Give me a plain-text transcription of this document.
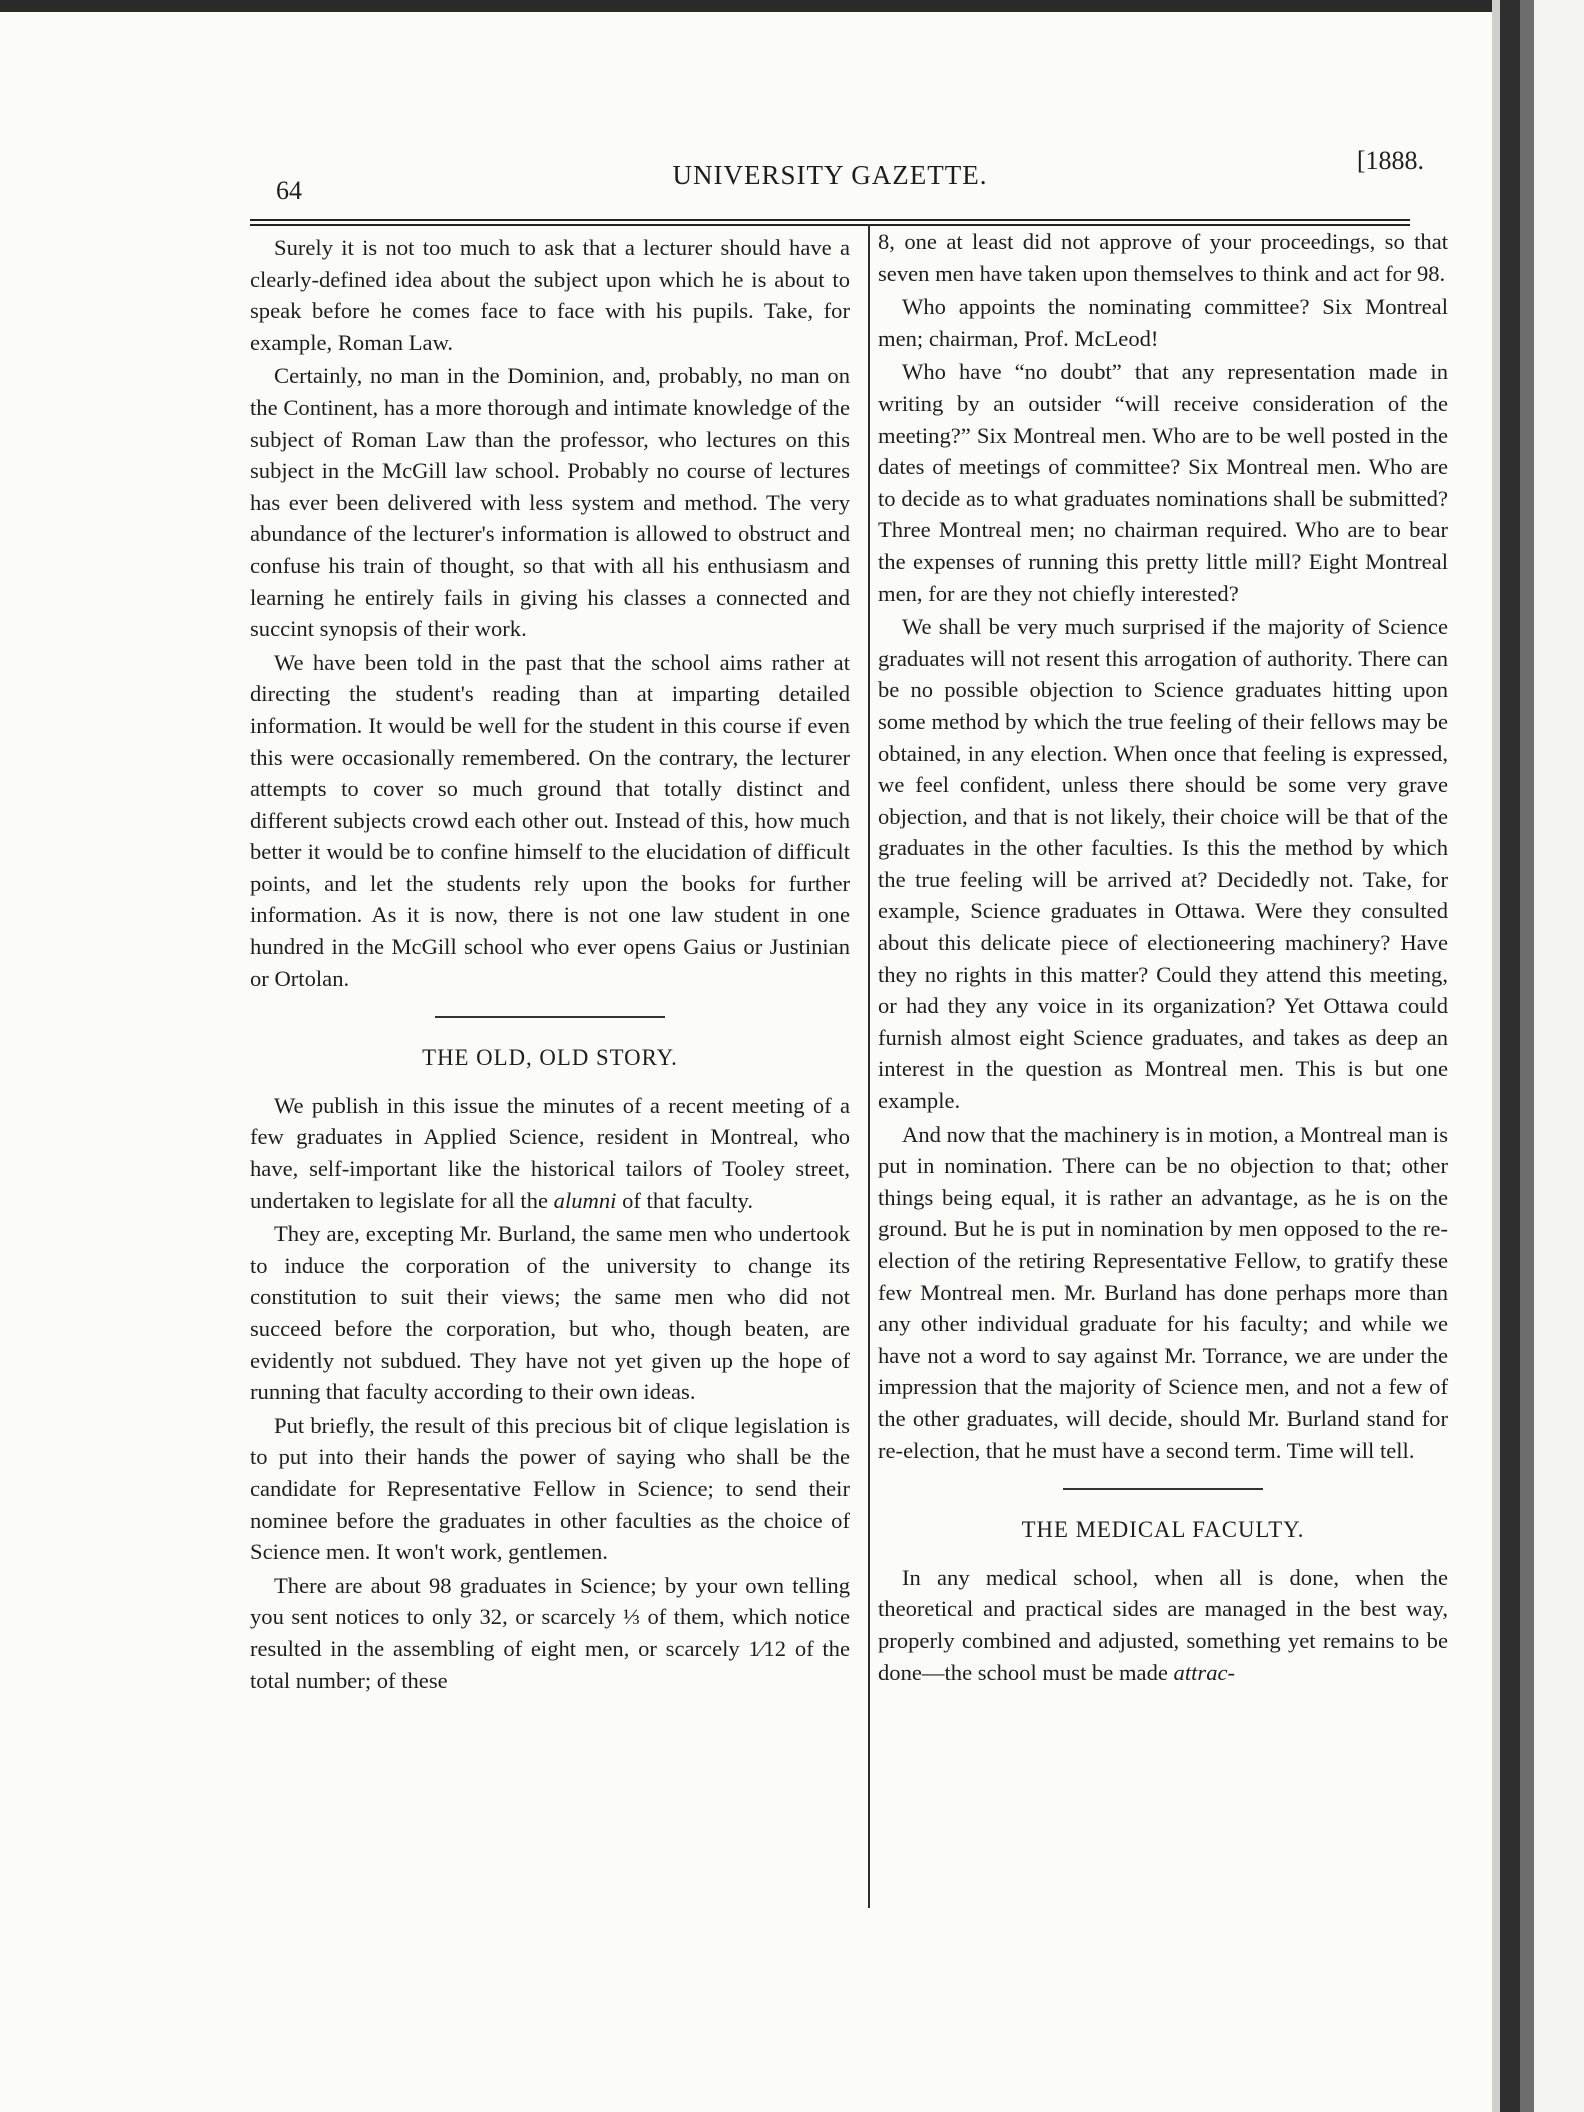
64
UNIVERSITY GAZETTE.	[1888.

Surely it is not too much to ask that a lecturer should have a clearly-defined idea about the subject upon which he is about to speak before he comes face to face with his pupils. Take, for example, Roman Law.

Certainly, no man in the Dominion, and, probably, no man on the Continent, has a more thorough and intimate knowledge of the subject of Roman Law than the professor, who lectures on this subject in the McGill law school. Probably no course of lectures has ever been delivered with less system and method. The very abundance of the lecturer's information is allowed to obstruct and confuse his train of thought, so that with all his enthusiasm and learning he entirely fails in giving his classes a connected and succint synopsis of their work.

We have been told in the past that the school aims rather at directing the student's reading than at imparting detailed information. It would be well for the student in this course if even this were occasionally remembered. On the contrary, the lecturer attempts to cover so much ground that totally distinct and different subjects crowd each other out. Instead of this, how much better it would be to confine himself to the elucidation of difficult points, and let the students rely upon the books for further information. As it is now, there is not one law student in one hundred in the McGill school who ever opens Gaius or Justinian or Ortolan.

THE OLD, OLD STORY.

We publish in this issue the minutes of a recent meeting of a few graduates in Applied Science, resident in Montreal, who have, self-important like the historical tailors of Tooley street, undertaken to legislate for all the alumni of that faculty.

They are, excepting Mr. Burland, the same men who undertook to induce the corporation of the university to change its constitution to suit their views; the same men who did not succeed before the corporation, but who, though beaten, are evidently not subdued. They have not yet given up the hope of running that faculty according to their own ideas.

Put briefly, the result of this precious bit of clique legislation is to put into their hands the power of saying who shall be the candidate for Representative Fellow in Science; to send their nominee before the graduates in other faculties as the choice of Science men. It won't work, gentlemen.

There are about 98 graduates in Science; by your own telling you sent notices to only 32, or scarcely ⅓ of them, which notice resulted in the assembling of eight men, or scarcely 1⁄12 of the total number; of these

8, one at least did not approve of your proceedings, so that seven men have taken upon themselves to think and act for 98.

Who appoints the nominating committee? Six Montreal men; chairman, Prof. McLeod!

Who have “no doubt” that any representation made in writing by an outsider “will receive consideration of the meeting?” Six Montreal men. Who are to be well posted in the dates of meetings of committee? Six Montreal men. Who are to decide as to what graduates nominations shall be submitted? Three Montreal men; no chairman required. Who are to bear the expenses of running this pretty little mill? Eight Montreal men, for are they not chiefly interested?

We shall be very much surprised if the majority of Science graduates will not resent this arrogation of authority. There can be no possible objection to Science graduates hitting upon some method by which the true feeling of their fellows may be obtained, in any election. When once that feeling is expressed, we feel confident, unless there should be some very grave objection, and that is not likely, their choice will be that of the graduates in the other faculties. Is this the method by which the true feeling will be arrived at? Decidedly not. Take, for example, Science graduates in Ottawa. Were they consulted about this delicate piece of electioneering machinery? Have they no rights in this matter? Could they attend this meeting, or had they any voice in its organization? Yet Ottawa could furnish almost eight Science graduates, and takes as deep an interest in the question as Montreal men. This is but one example.

And now that the machinery is in motion, a Montreal man is put in nomination. There can be no objection to that; other things being equal, it is rather an advantage, as he is on the ground. But he is put in nomination by men opposed to the re-election of the retiring Representative Fellow, to gratify these few Montreal men. Mr. Burland has done perhaps more than any other individual graduate for his faculty; and while we have not a word to say against Mr. Torrance, we are under the impression that the majority of Science men, and not a few of the other graduates, will decide, should Mr. Burland stand for re-election, that he must have a second term. Time will tell.

THE MEDICAL FACULTY.

In any medical school, when all is done, when the theoretical and practical sides are managed in the best way, properly combined and adjusted, something yet remains to be done—the school must be made attrac-
